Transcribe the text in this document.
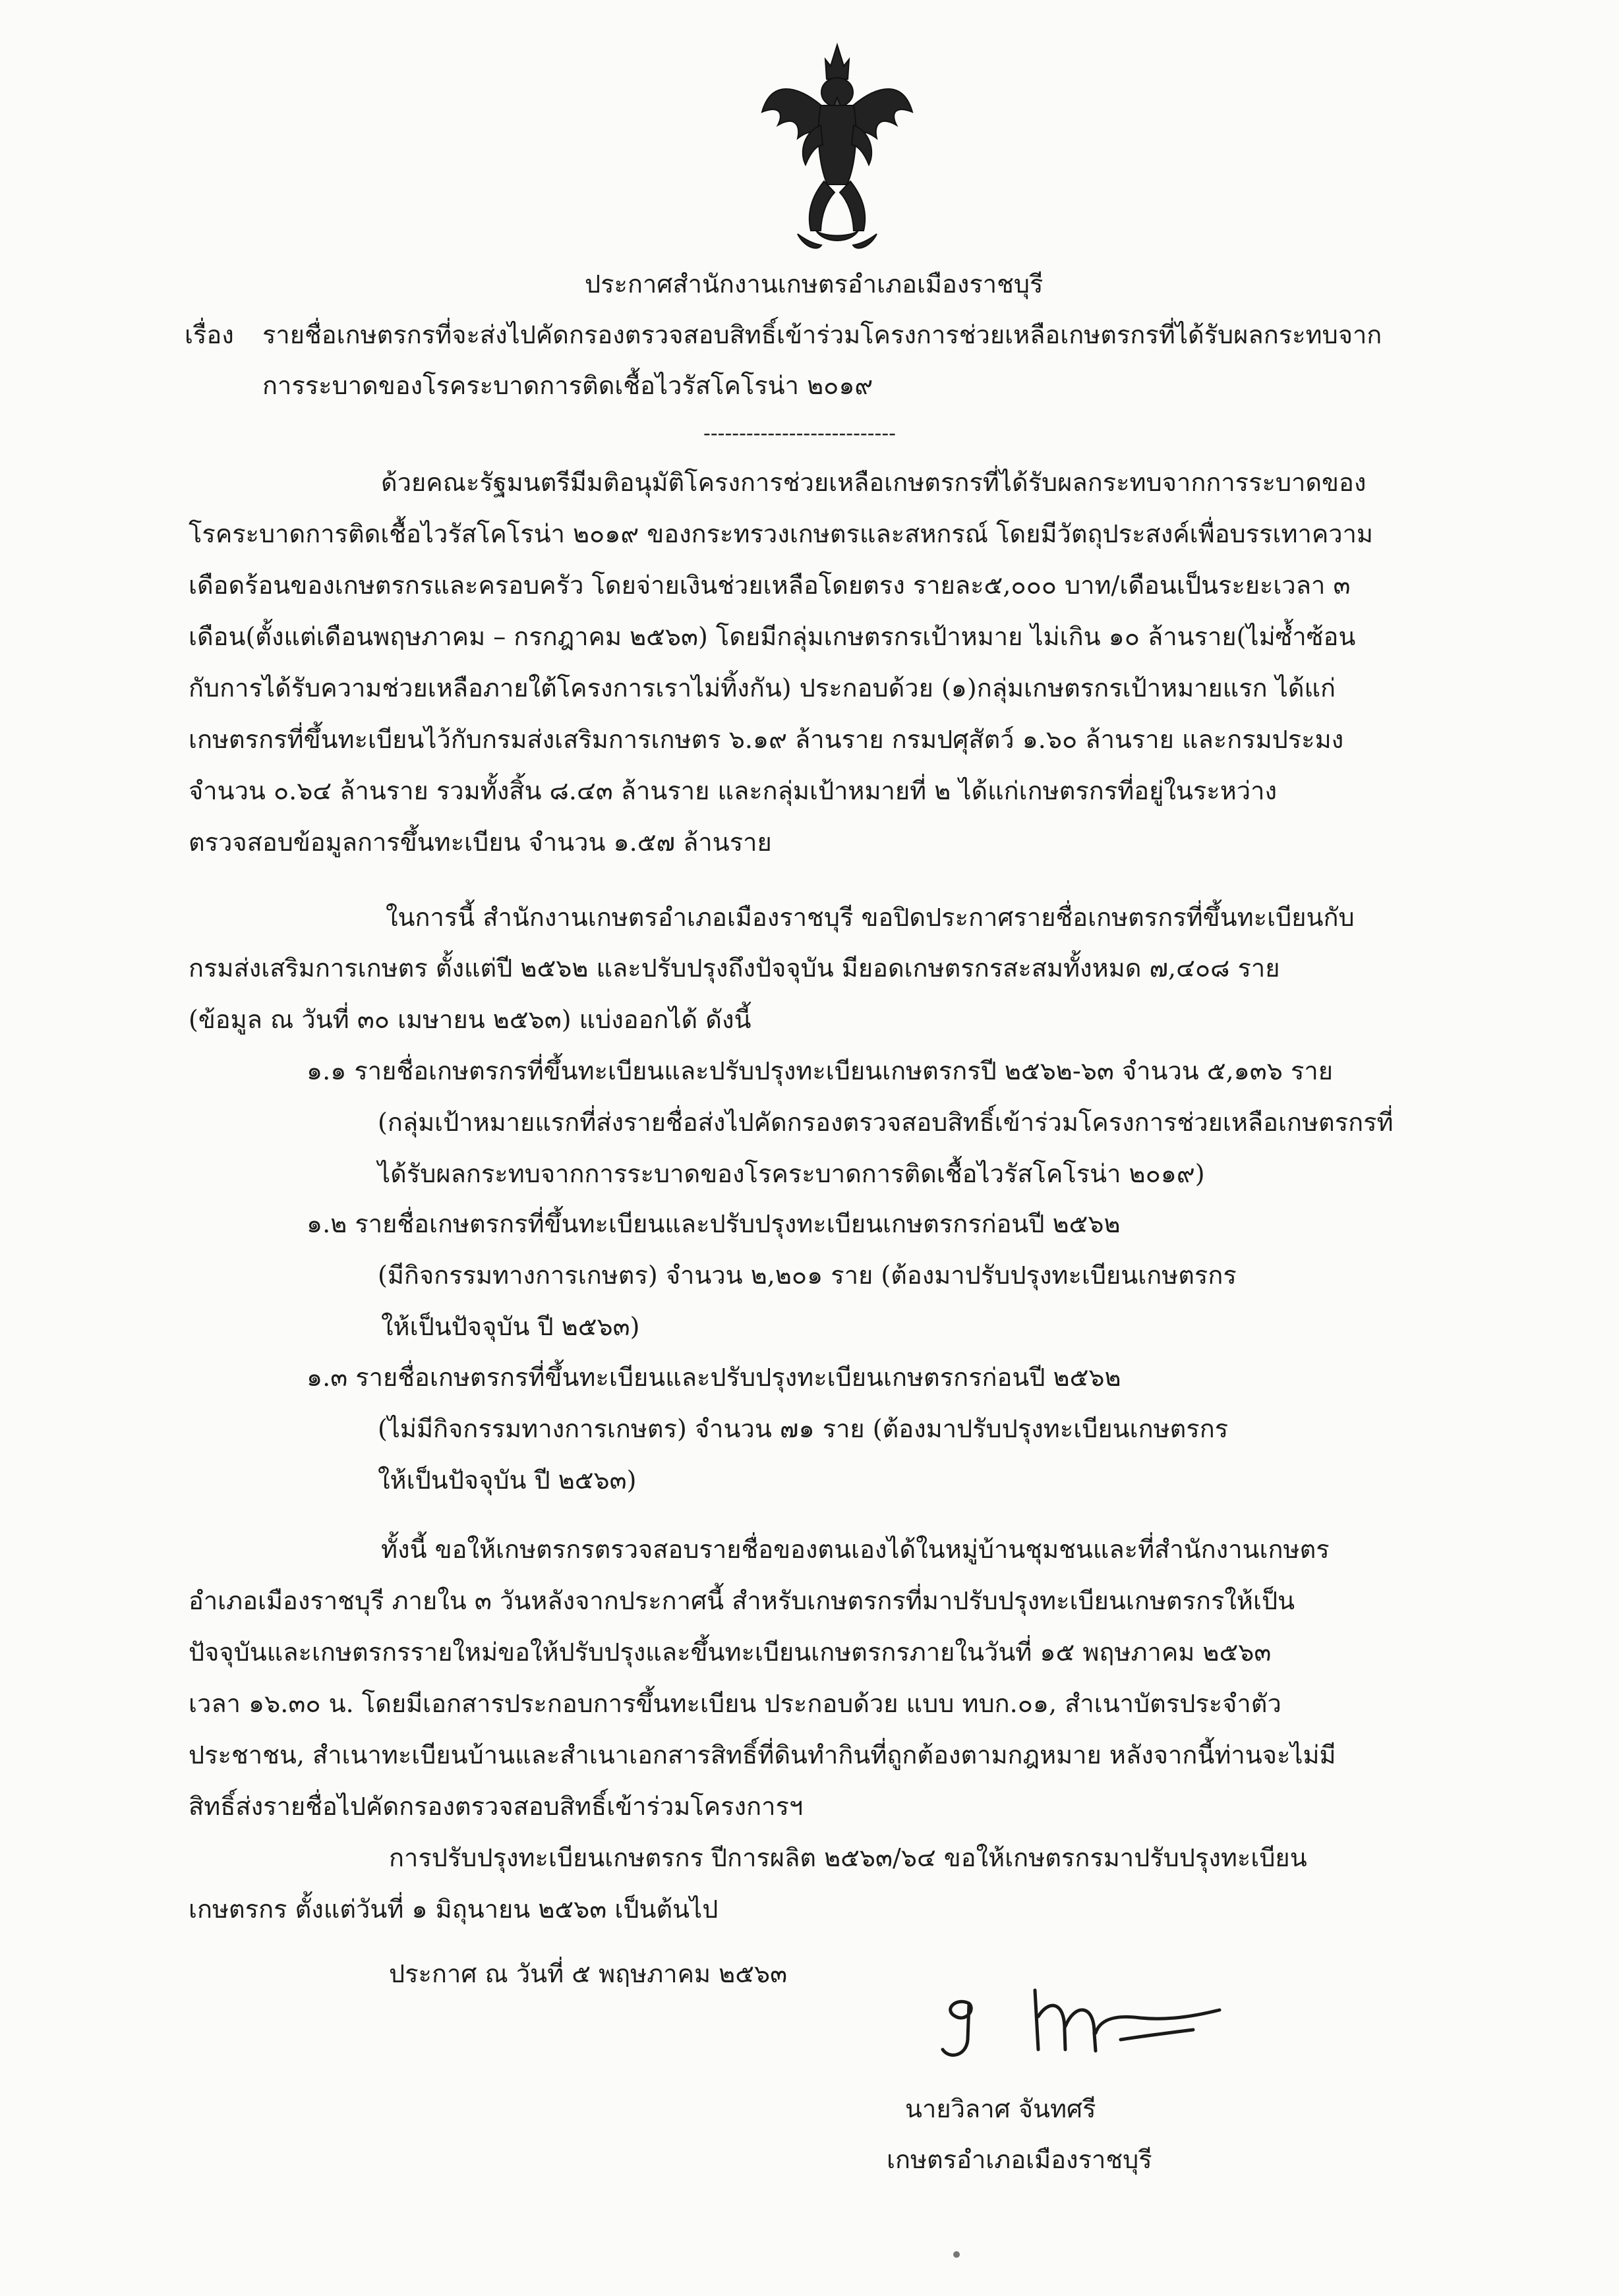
ประกาศสำนักงานเกษตรอำเภอเมืองราชบุรี
เรื่อง รายชื่อเกษตรกรที่จะส่งไปคัดกรองตรวจสอบสิทธิ์เข้าร่วมโครงการช่วยเหลือเกษตรกรที่ได้รับผลกระทบจาก
การระบาดของโรคระบาดการติดเชื้อไวรัสโคโรน่า ๒๐๑๙
---------------------------
ด้วยคณะรัฐมนตรีมีมติอนุมัติโครงการช่วยเหลือเกษตรกรที่ได้รับผลกระทบจากการระบาดของ
โรคระบาดการติดเชื้อไวรัสโคโรน่า ๒๐๑๙ ของกระทรวงเกษตรและสหกรณ์ โดยมีวัตถุประสงค์เพื่อบรรเทาความ
เดือดร้อนของเกษตรกรและครอบครัว โดยจ่ายเงินช่วยเหลือโดยตรง รายละ๕,๐๐๐ บาท/เดือนเป็นระยะเวลา ๓
เดือน(ตั้งแต่เดือนพฤษภาคม – กรกฎาคม ๒๕๖๓) โดยมีกลุ่มเกษตรกรเป้าหมาย ไม่เกิน ๑๐ ล้านราย(ไม่ซ้ำซ้อน
กับการได้รับความช่วยเหลือภายใต้โครงการเราไม่ทิ้งกัน) ประกอบด้วย (๑)กลุ่มเกษตรกรเป้าหมายแรก ได้แก่
เกษตรกรที่ขึ้นทะเบียนไว้กับกรมส่งเสริมการเกษตร ๖.๑๙ ล้านราย กรมปศุสัตว์ ๑.๖๐ ล้านราย และกรมประมง
จำนวน ๐.๖๔ ล้านราย รวมทั้งสิ้น ๘.๔๓ ล้านราย และกลุ่มเป้าหมายที่ ๒ ได้แก่เกษตรกรที่อยู่ในระหว่าง
ตรวจสอบข้อมูลการขึ้นทะเบียน จำนวน ๑.๕๗ ล้านราย
ในการนี้ สำนักงานเกษตรอำเภอเมืองราชบุรี ขอปิดประกาศรายชื่อเกษตรกรที่ขึ้นทะเบียนกับ
กรมส่งเสริมการเกษตร ตั้งแต่ปี ๒๕๖๒ และปรับปรุงถึงปัจจุบัน มียอดเกษตรกรสะสมทั้งหมด ๗,๔๐๘ ราย
(ข้อมูล ณ วันที่ ๓๐ เมษายน ๒๕๖๓) แบ่งออกได้ ดังนี้
๑.๑ รายชื่อเกษตรกรที่ขึ้นทะเบียนและปรับปรุงทะเบียนเกษตรกรปี ๒๕๖๒-๖๓ จำนวน ๕,๑๓๖ ราย
(กลุ่มเป้าหมายแรกที่ส่งรายชื่อส่งไปคัดกรองตรวจสอบสิทธิ์เข้าร่วมโครงการช่วยเหลือเกษตรกรที่
ได้รับผลกระทบจากการระบาดของโรคระบาดการติดเชื้อไวรัสโคโรน่า ๒๐๑๙)
๑.๒ รายชื่อเกษตรกรที่ขึ้นทะเบียนและปรับปรุงทะเบียนเกษตรกรก่อนปี ๒๕๖๒
(มีกิจกรรมทางการเกษตร) จำนวน ๒,๒๐๑ ราย (ต้องมาปรับปรุงทะเบียนเกษตรกร
ให้เป็นปัจจุบัน ปี ๒๕๖๓)
๑.๓ รายชื่อเกษตรกรที่ขึ้นทะเบียนและปรับปรุงทะเบียนเกษตรกรก่อนปี ๒๕๖๒
(ไม่มีกิจกรรมทางการเกษตร) จำนวน ๗๑ ราย (ต้องมาปรับปรุงทะเบียนเกษตรกร
ให้เป็นปัจจุบัน ปี ๒๕๖๓)
ทั้งนี้ ขอให้เกษตรกรตรวจสอบรายชื่อของตนเองได้ในหมู่บ้านชุมชนและที่สำนักงานเกษตร
อำเภอเมืองราชบุรี ภายใน ๓ วันหลังจากประกาศนี้ สำหรับเกษตรกรที่มาปรับปรุงทะเบียนเกษตรกรให้เป็น
ปัจจุบันและเกษตรกรรายใหม่ขอให้ปรับปรุงและขึ้นทะเบียนเกษตรกรภายในวันที่ ๑๕ พฤษภาคม ๒๕๖๓
เวลา ๑๖.๓๐ น. โดยมีเอกสารประกอบการขึ้นทะเบียน ประกอบด้วย แบบ ทบก.๐๑, สำเนาบัตรประจำตัว
ประชาชน, สำเนาทะเบียนบ้านและสำเนาเอกสารสิทธิ์ที่ดินทำกินที่ถูกต้องตามกฎหมาย หลังจากนี้ท่านจะไม่มี
สิทธิ์ส่งรายชื่อไปคัดกรองตรวจสอบสิทธิ์เข้าร่วมโครงการฯ
การปรับปรุงทะเบียนเกษตรกร ปีการผลิต ๒๕๖๓/๖๔ ขอให้เกษตรกรมาปรับปรุงทะเบียน
เกษตรกร ตั้งแต่วันที่ ๑ มิถุนายน ๒๕๖๓ เป็นต้นไป
ประกาศ ณ วันที่ ๕ พฤษภาคม ๒๕๖๓
นายวิลาศ จันทศรี
เกษตรอำเภอเมืองราชบุรี
